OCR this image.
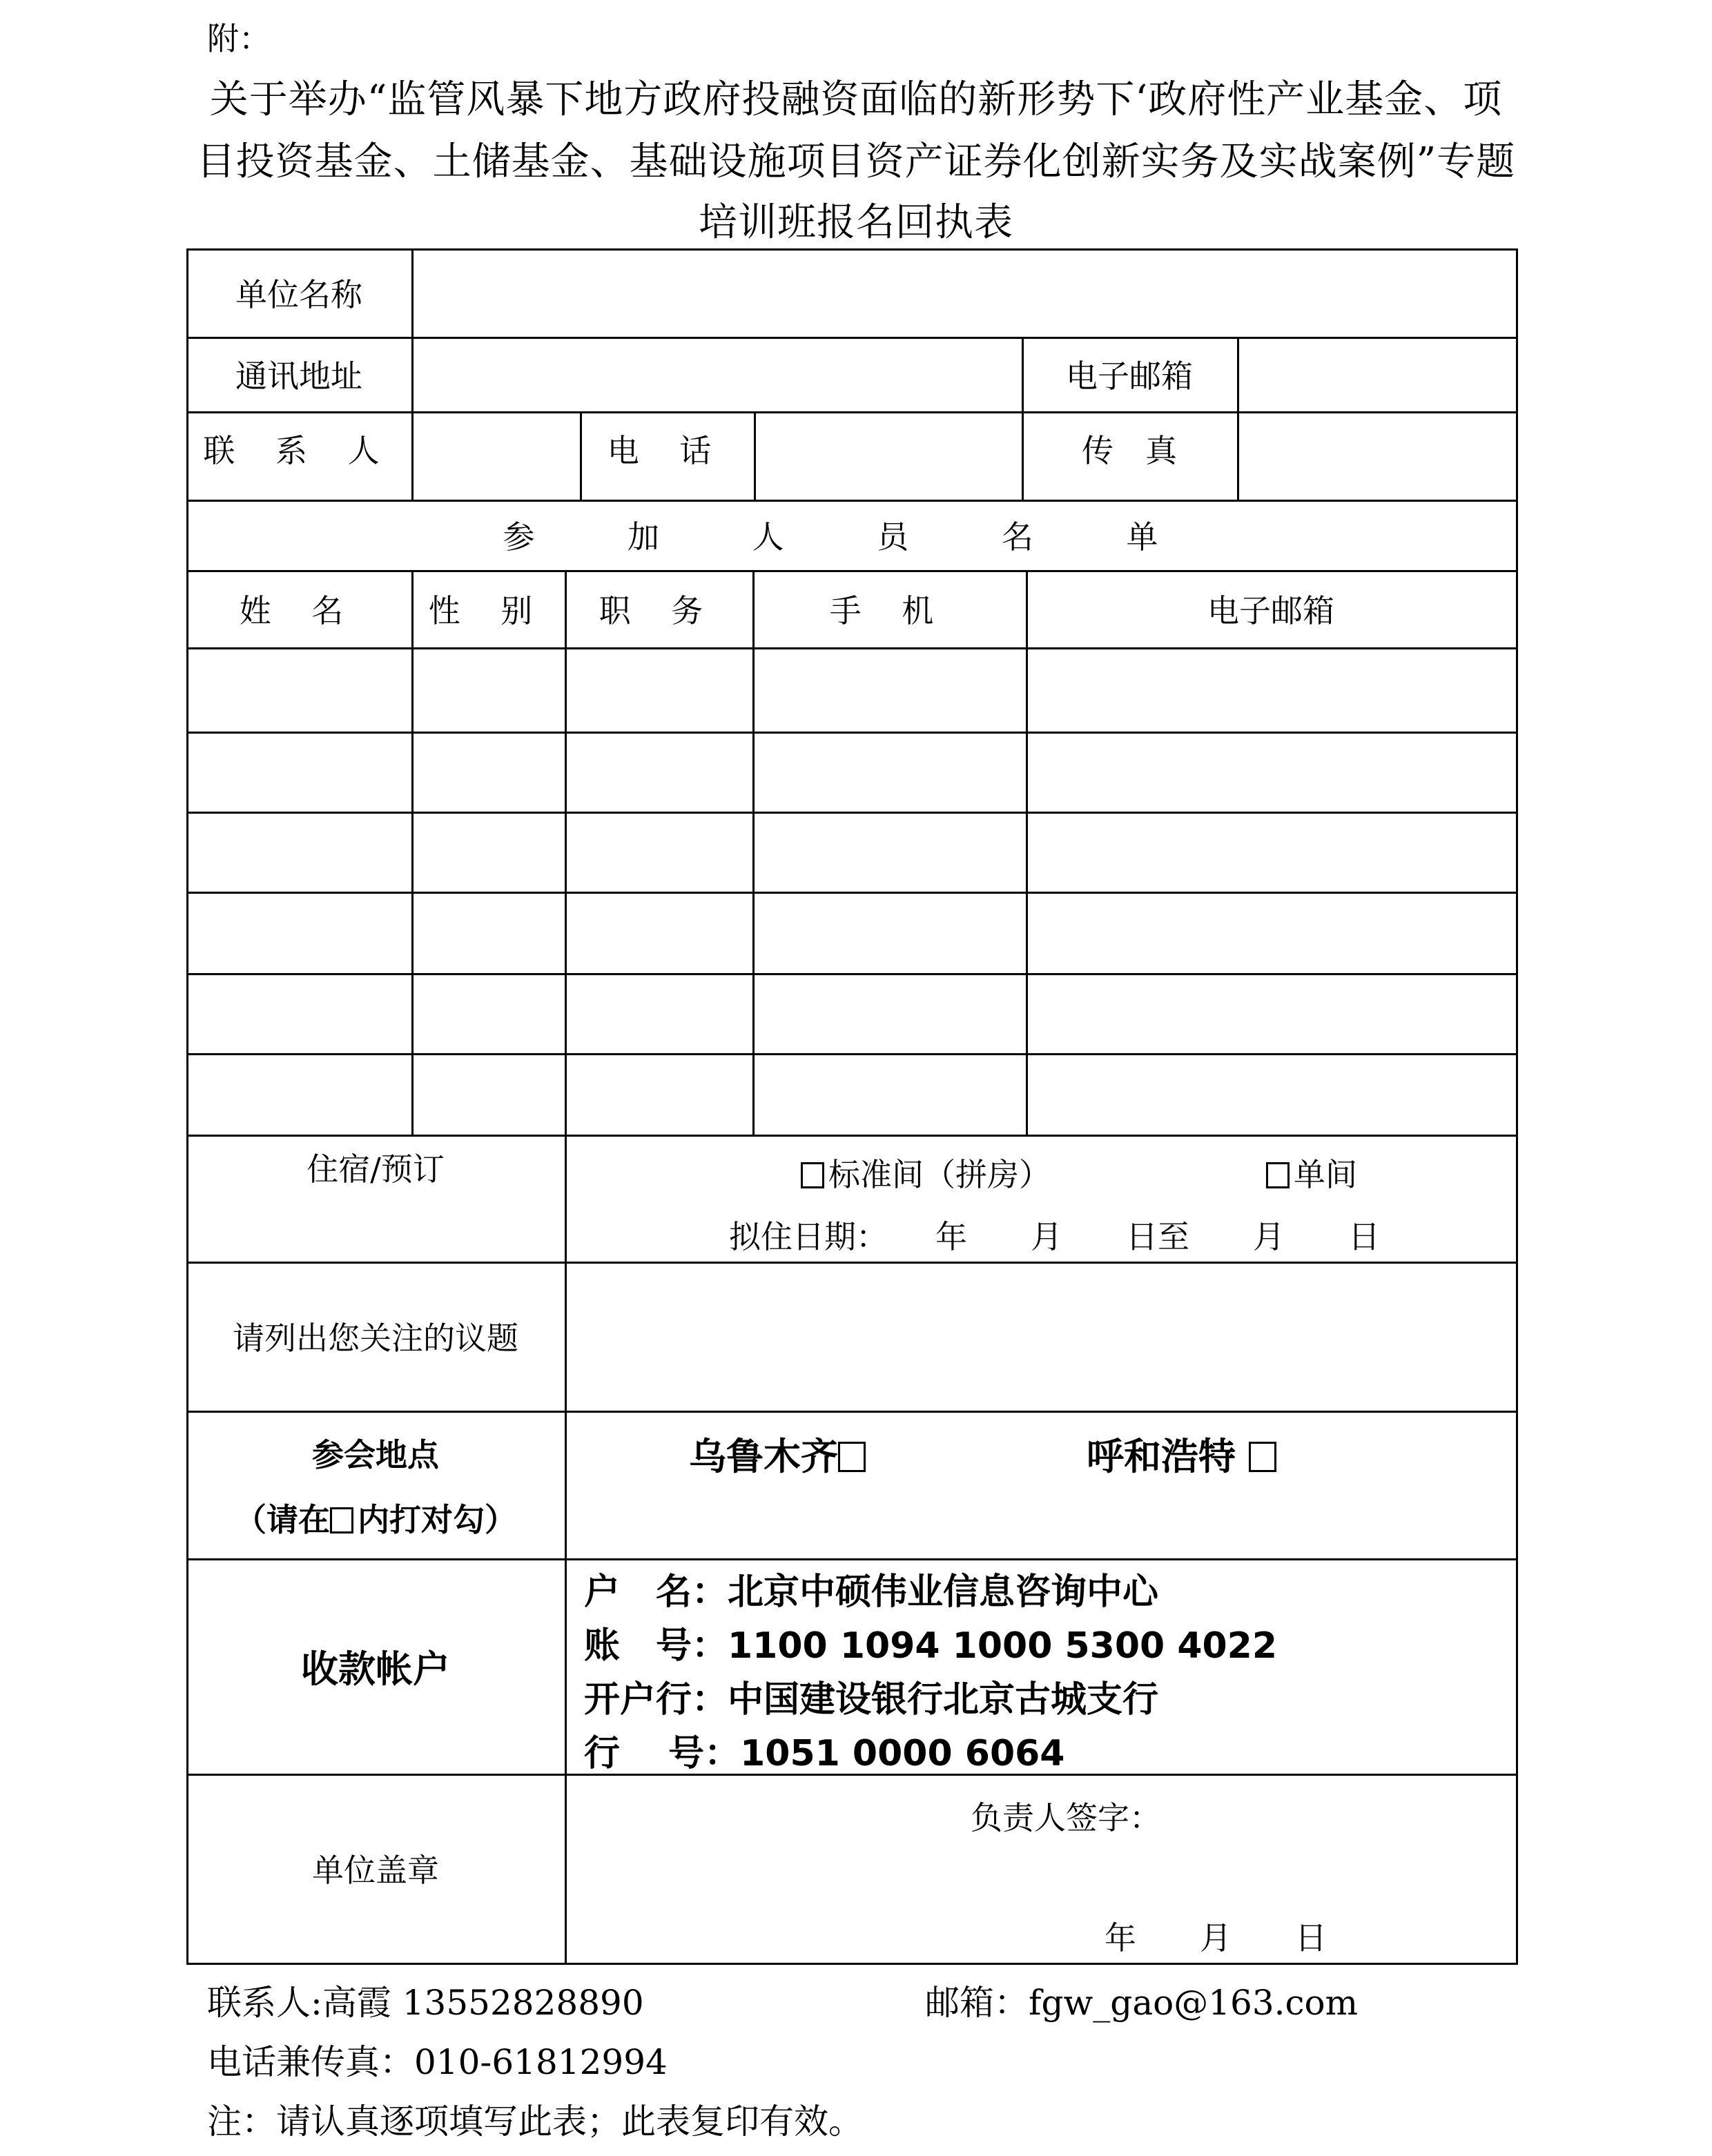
附：
关于举办“监管风暴下地方政府投融资面临的新形势下‘政府性产业基金、项
目投资基金、土储基金、基础设施项目资产证券化创新实务及实战案例”专题
培训班报名回执表
单位名称
通讯地址	电子邮箱
联 系 人	电 话	传　真
参 加 人 员 名 单
姓 名	性 别	职 务	手 机	电子邮箱
住宿/预订	标准间（拼房）	单间
拟住日期：　　年　　月　　日至　　月　　日
请列出您关注的议题
参会地点
（请在 内打对勾）
乌鲁木齐	呼和浩特
收款帐户
户　名：北京中硕伟业信息咨询中心
账　号：1100 1094 1000 5300 4022
开户行：中国建设银行北京古城支行
行　 号：1051 0000 6064
单位盖章
负责人签字：
年　　月　　日
联系人:高霞 13552828890	邮箱：fgw_gao@163.com
电话兼传真：010-61812994
注：请认真逐项填写此表；此表复印有效。
